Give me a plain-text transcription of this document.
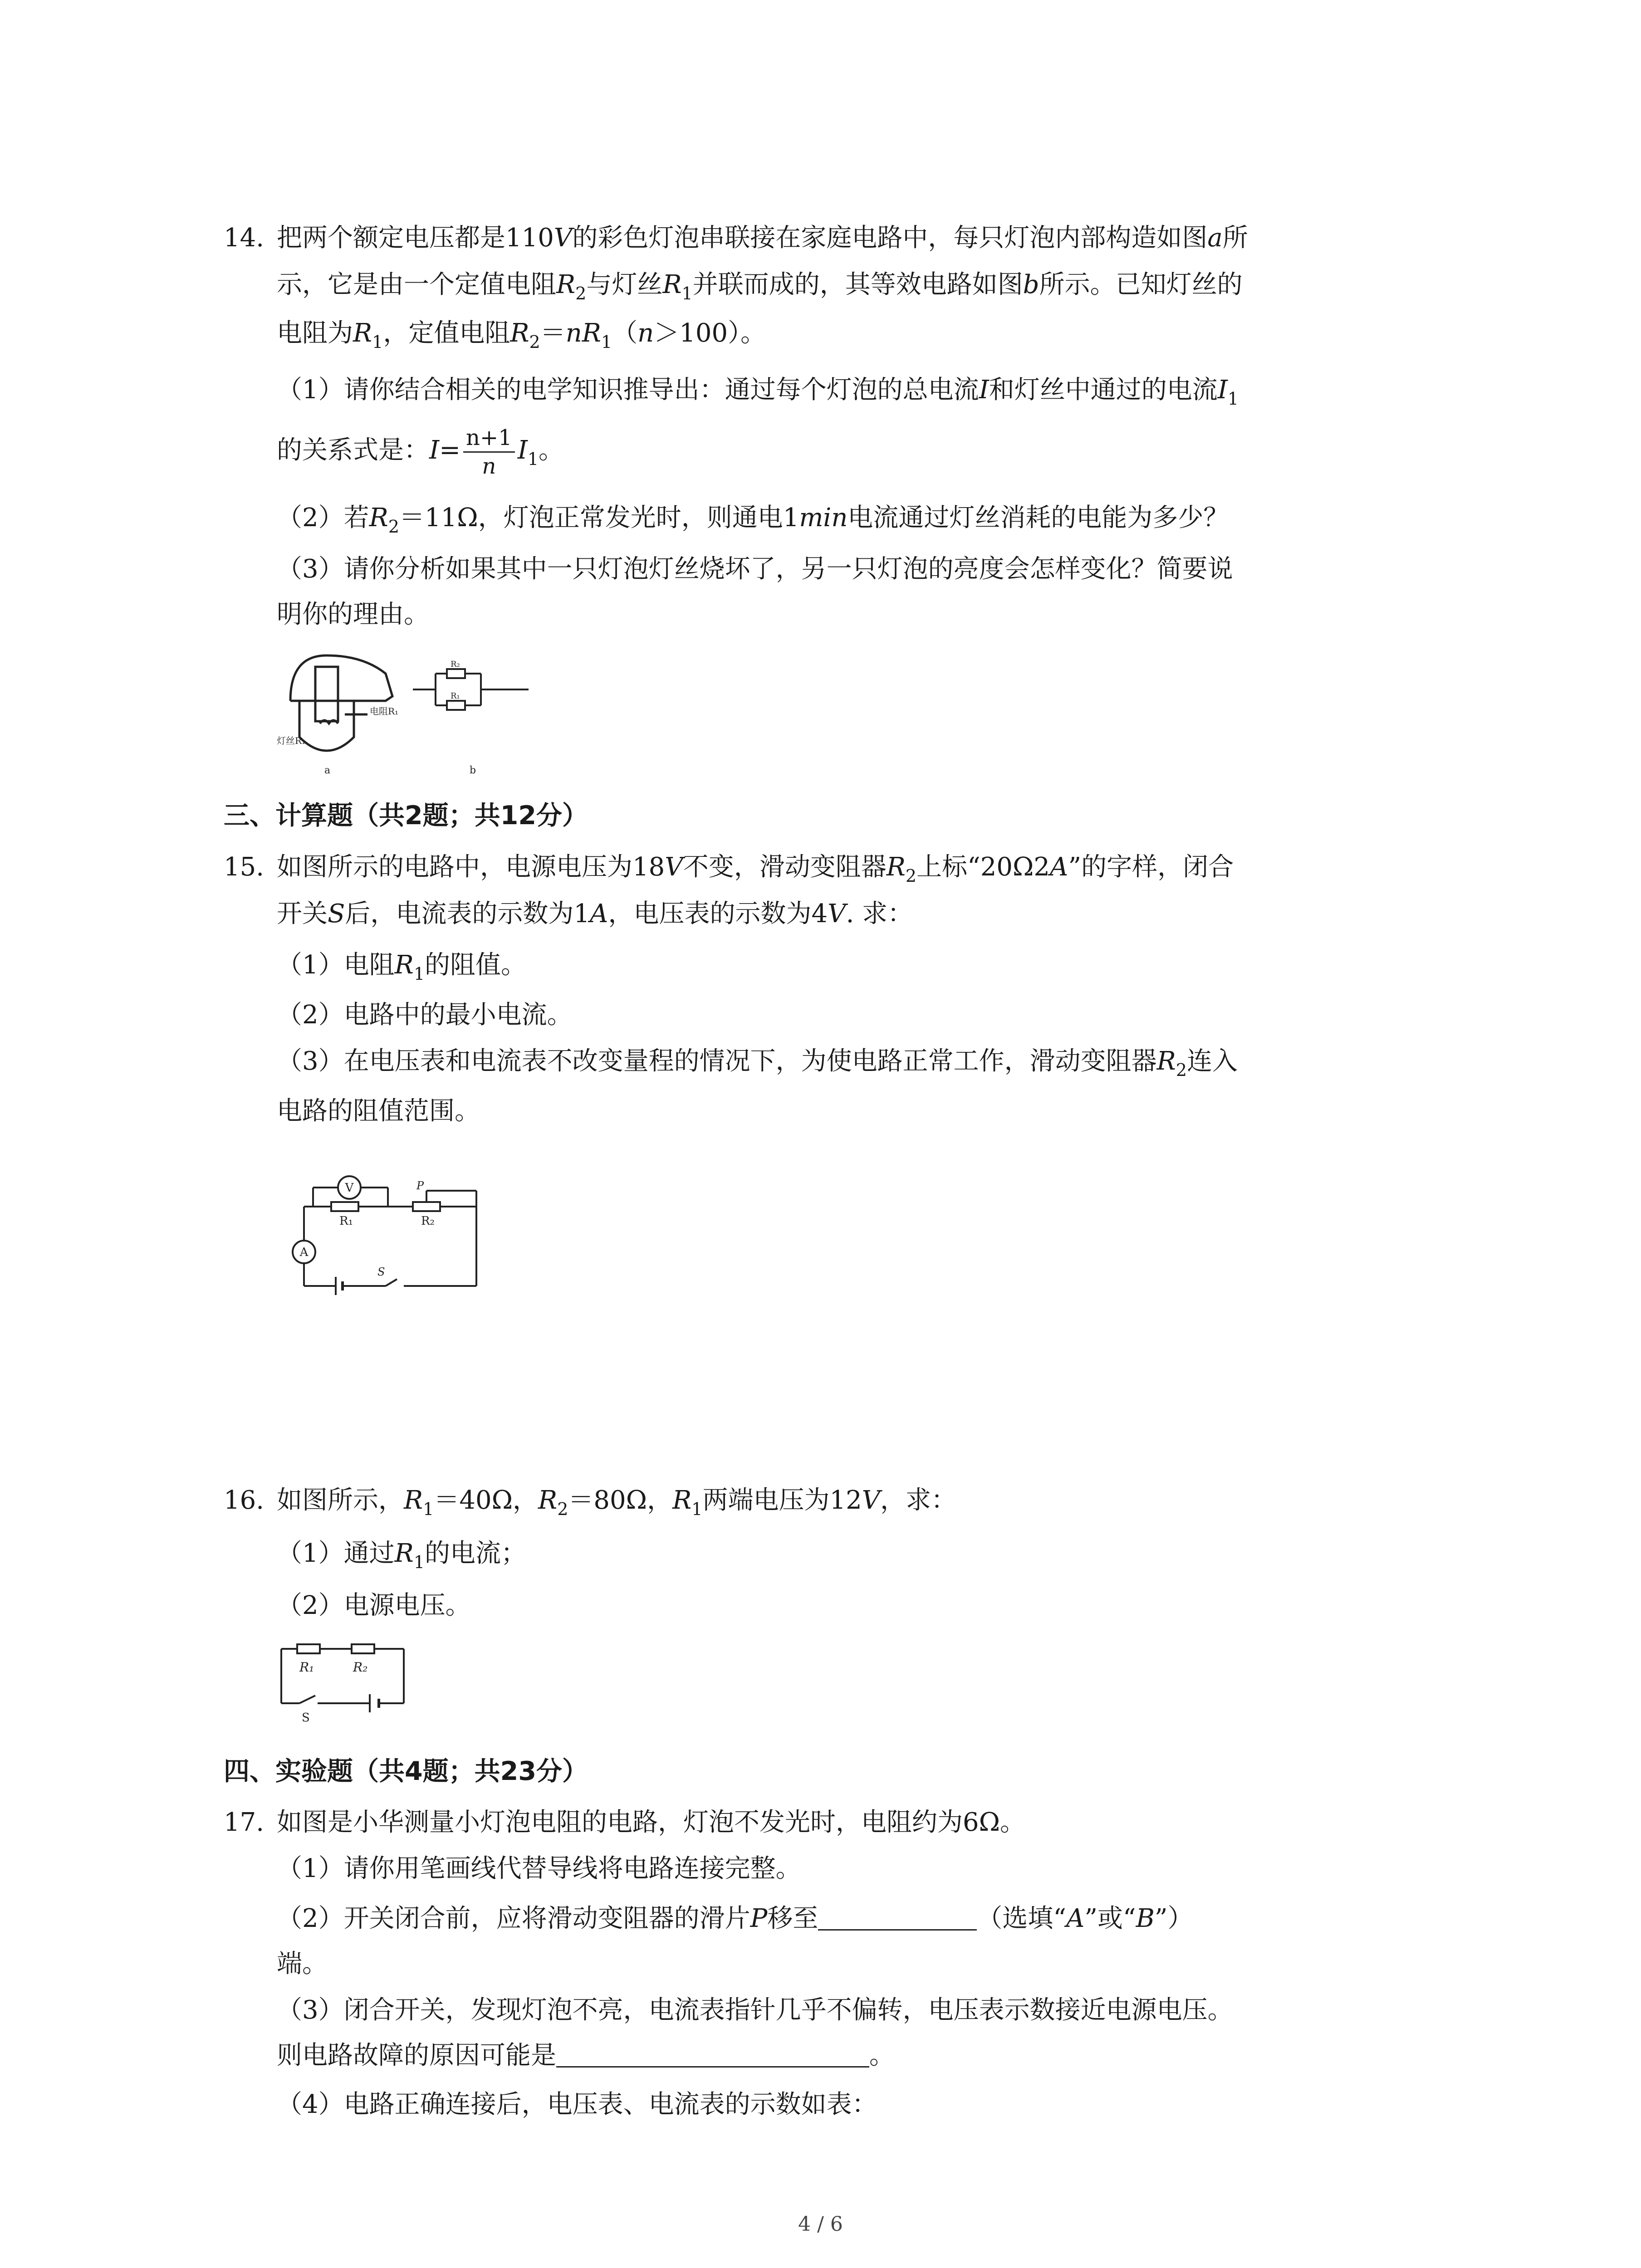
14. 把两个额定电压都是110V的彩色灯泡串联接在家庭电路中，每只灯泡内部构造如图a所
示，它是由一个定值电阻$R_2$与灯丝$R_1$并联而成的，其等效电路如图b所示。已知灯丝的
电阻为$R_1$，定值电阻$R_2=nR_1(n>100)$。
（1）请你结合相关的电学知识推导出：通过每个灯泡的总电流I和灯丝中通过的电流$I_1$
的关系式是：$I= \frac{n+1}{n} I_1$。
（2）若$R_2=11\Omega$，灯泡正常发光时，则通电1min电流通过灯丝消耗的电能为多少？
（3）请你分析如果其中一只灯泡灯丝烧坏了，另一只灯泡的亮度会怎样变化？简要说
明你的理由。
电阻R₁
灯丝R₁
a
R₂
R₁
b
三、计算题（共2题；共12分）
15. 如图所示的电路中，电源电压为18V不变，滑动变阻器$R_2$上标“20Ω2A”的字样，闭合
开关S后，电流表的示数为1A，电压表的示数为4V. 求：
（1）电阻$R_1$的阻值。
（2）电路中的最小电流。
（3）在电压表和电流表不改变量程的情况下，为使电路正常工作，滑动变阻器$R_2$连入
电路的阻值范围。
V
A
R₁	R₂
P
S
16. 如图所示，$R_1=40\Omega$，$R_2=80\Omega$，$R_1$两端电压为12V，求：
（1）通过$R_1$的电流；
（2）电源电压。
R₁	R₂
S
四、实验题（共4题；共23分）
17. 如图是小华测量小灯泡电阻的电路，灯泡不发光时，电阻约为6Ω。
（1）请你用笔画线代替导线将电路连接完整。
（2）开关闭合前，应将滑动变阻器的滑片P移至	（选填“A”或“B”）
端。
（3）闭合开关，发现灯泡不亮，电流表指针几乎不偏转，电压表示数接近电源电压。
则电路故障的原因可能是	。
（4）电路正确连接后，电压表、电流表的示数如表：
4 / 6
